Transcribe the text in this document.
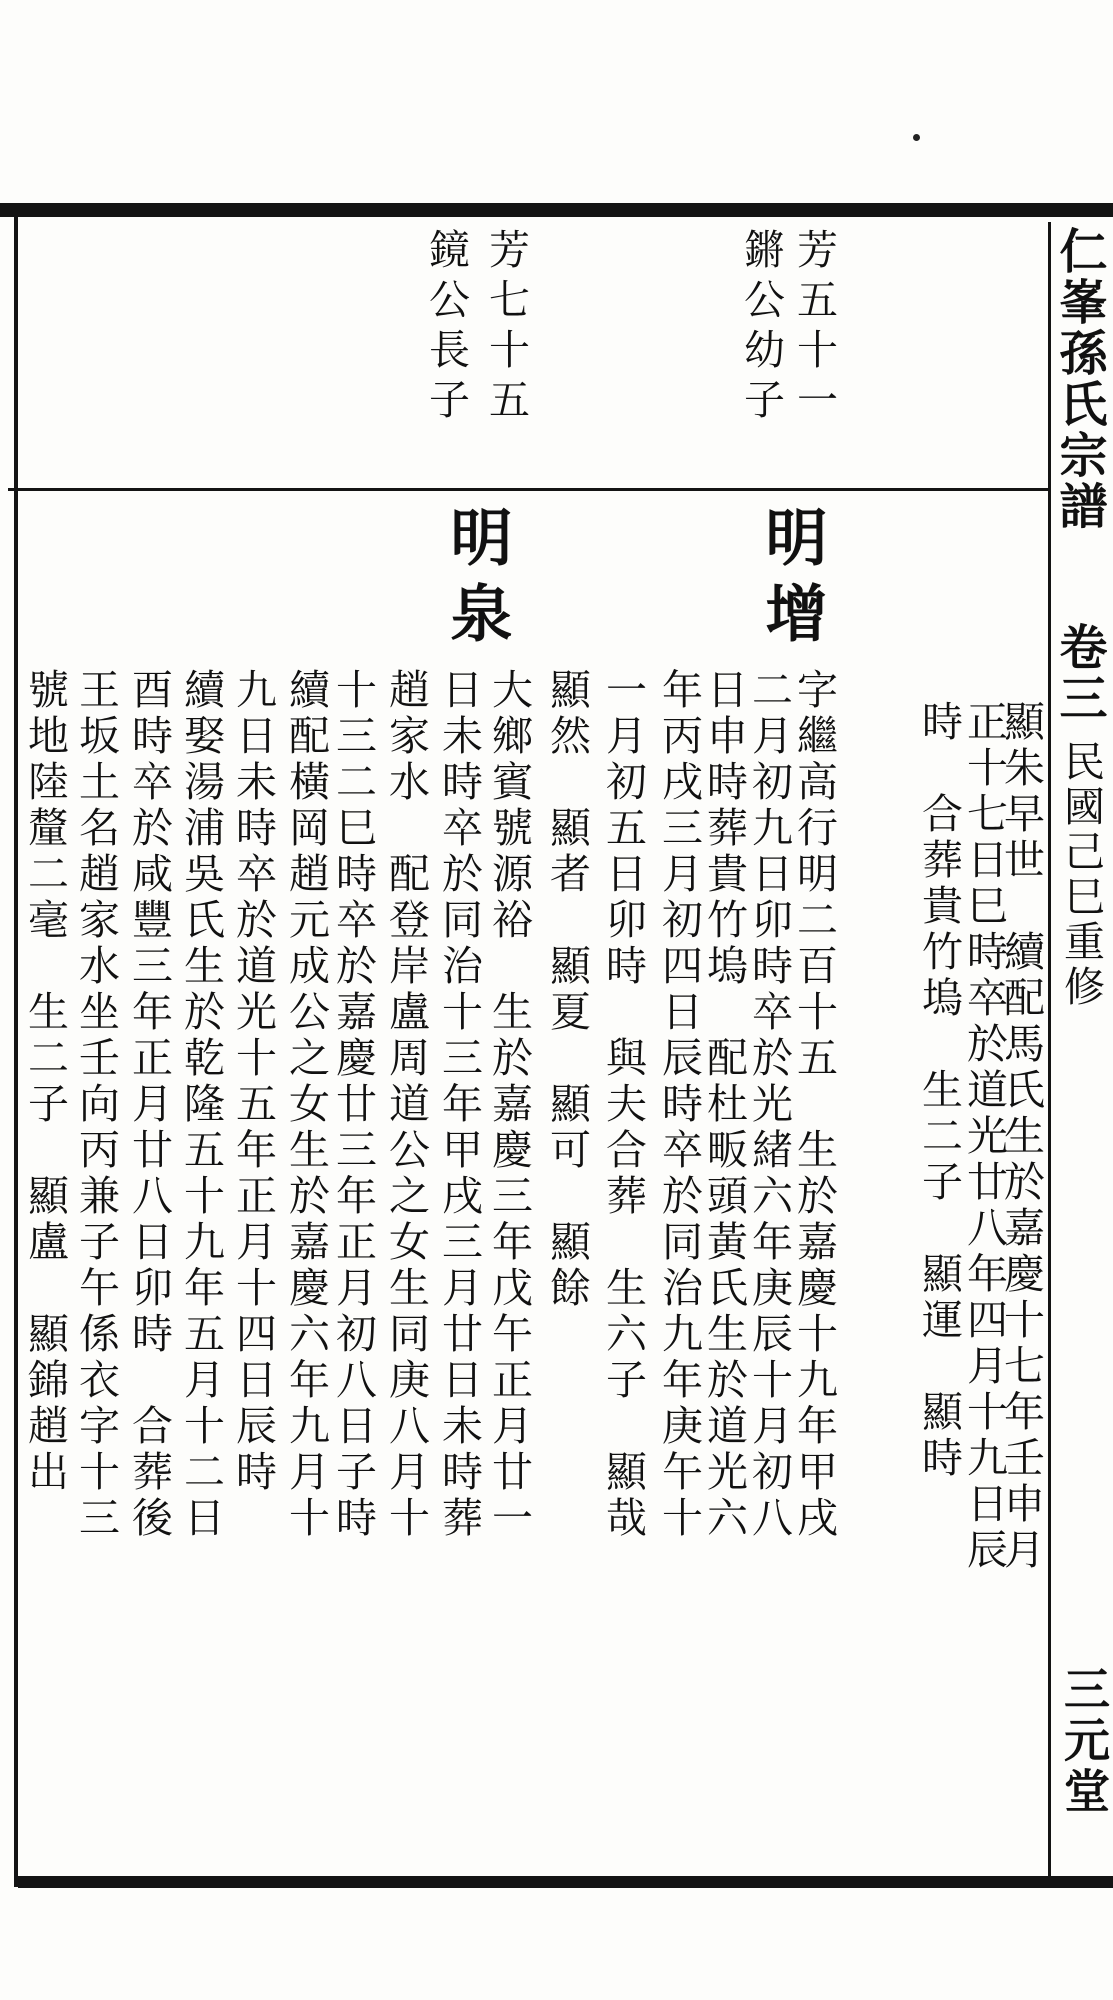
仁峯孫氏宗譜

卷三

民國己巳重修

三元堂

顯朱早世　續配馬氏生於嘉慶十七年壬申月

正十七日巳時卒於道光廿八年四月十九日辰

時　合葬貴竹塢　生二子　顯運　顯時

芳五十一

鏘公幼子

明增

字繼高行明二百十五　生於嘉慶十九年甲戌

二月初九日卯時卒於光緒六年庚辰十月初八

日申時葬貴竹塢　配杜畈頭黃氏生於道光六

年丙戌三月初四日辰時卒於同治九年庚午十

一月初五日卯時　與夫合葬　生六子　顯哉

顯然　顯者　顯夏　顯可　顯餘

芳七十五

鏡公長子

明泉

大鄉賓號源裕　生於嘉慶三年戊午正月廿一

日未時卒於同治十三年甲戌三月廿日未時葬

趙家水　配登岸盧周道公之女生同庚八月十

十三二巳時卒於嘉慶廿三年正月初八日子時

續配橫岡趙元成公之女生於嘉慶六年九月十

九日未時卒於道光十五年正月十四日辰時

續娶湯浦吳氏生於乾隆五十九年五月十二日

酉時卒於咸豐三年正月廿八日卯時　合葬後

王坂土名趙家水坐壬向丙兼子午係衣字十三

號地陸釐二毫　生二子　顯盧　顯錦趙出
